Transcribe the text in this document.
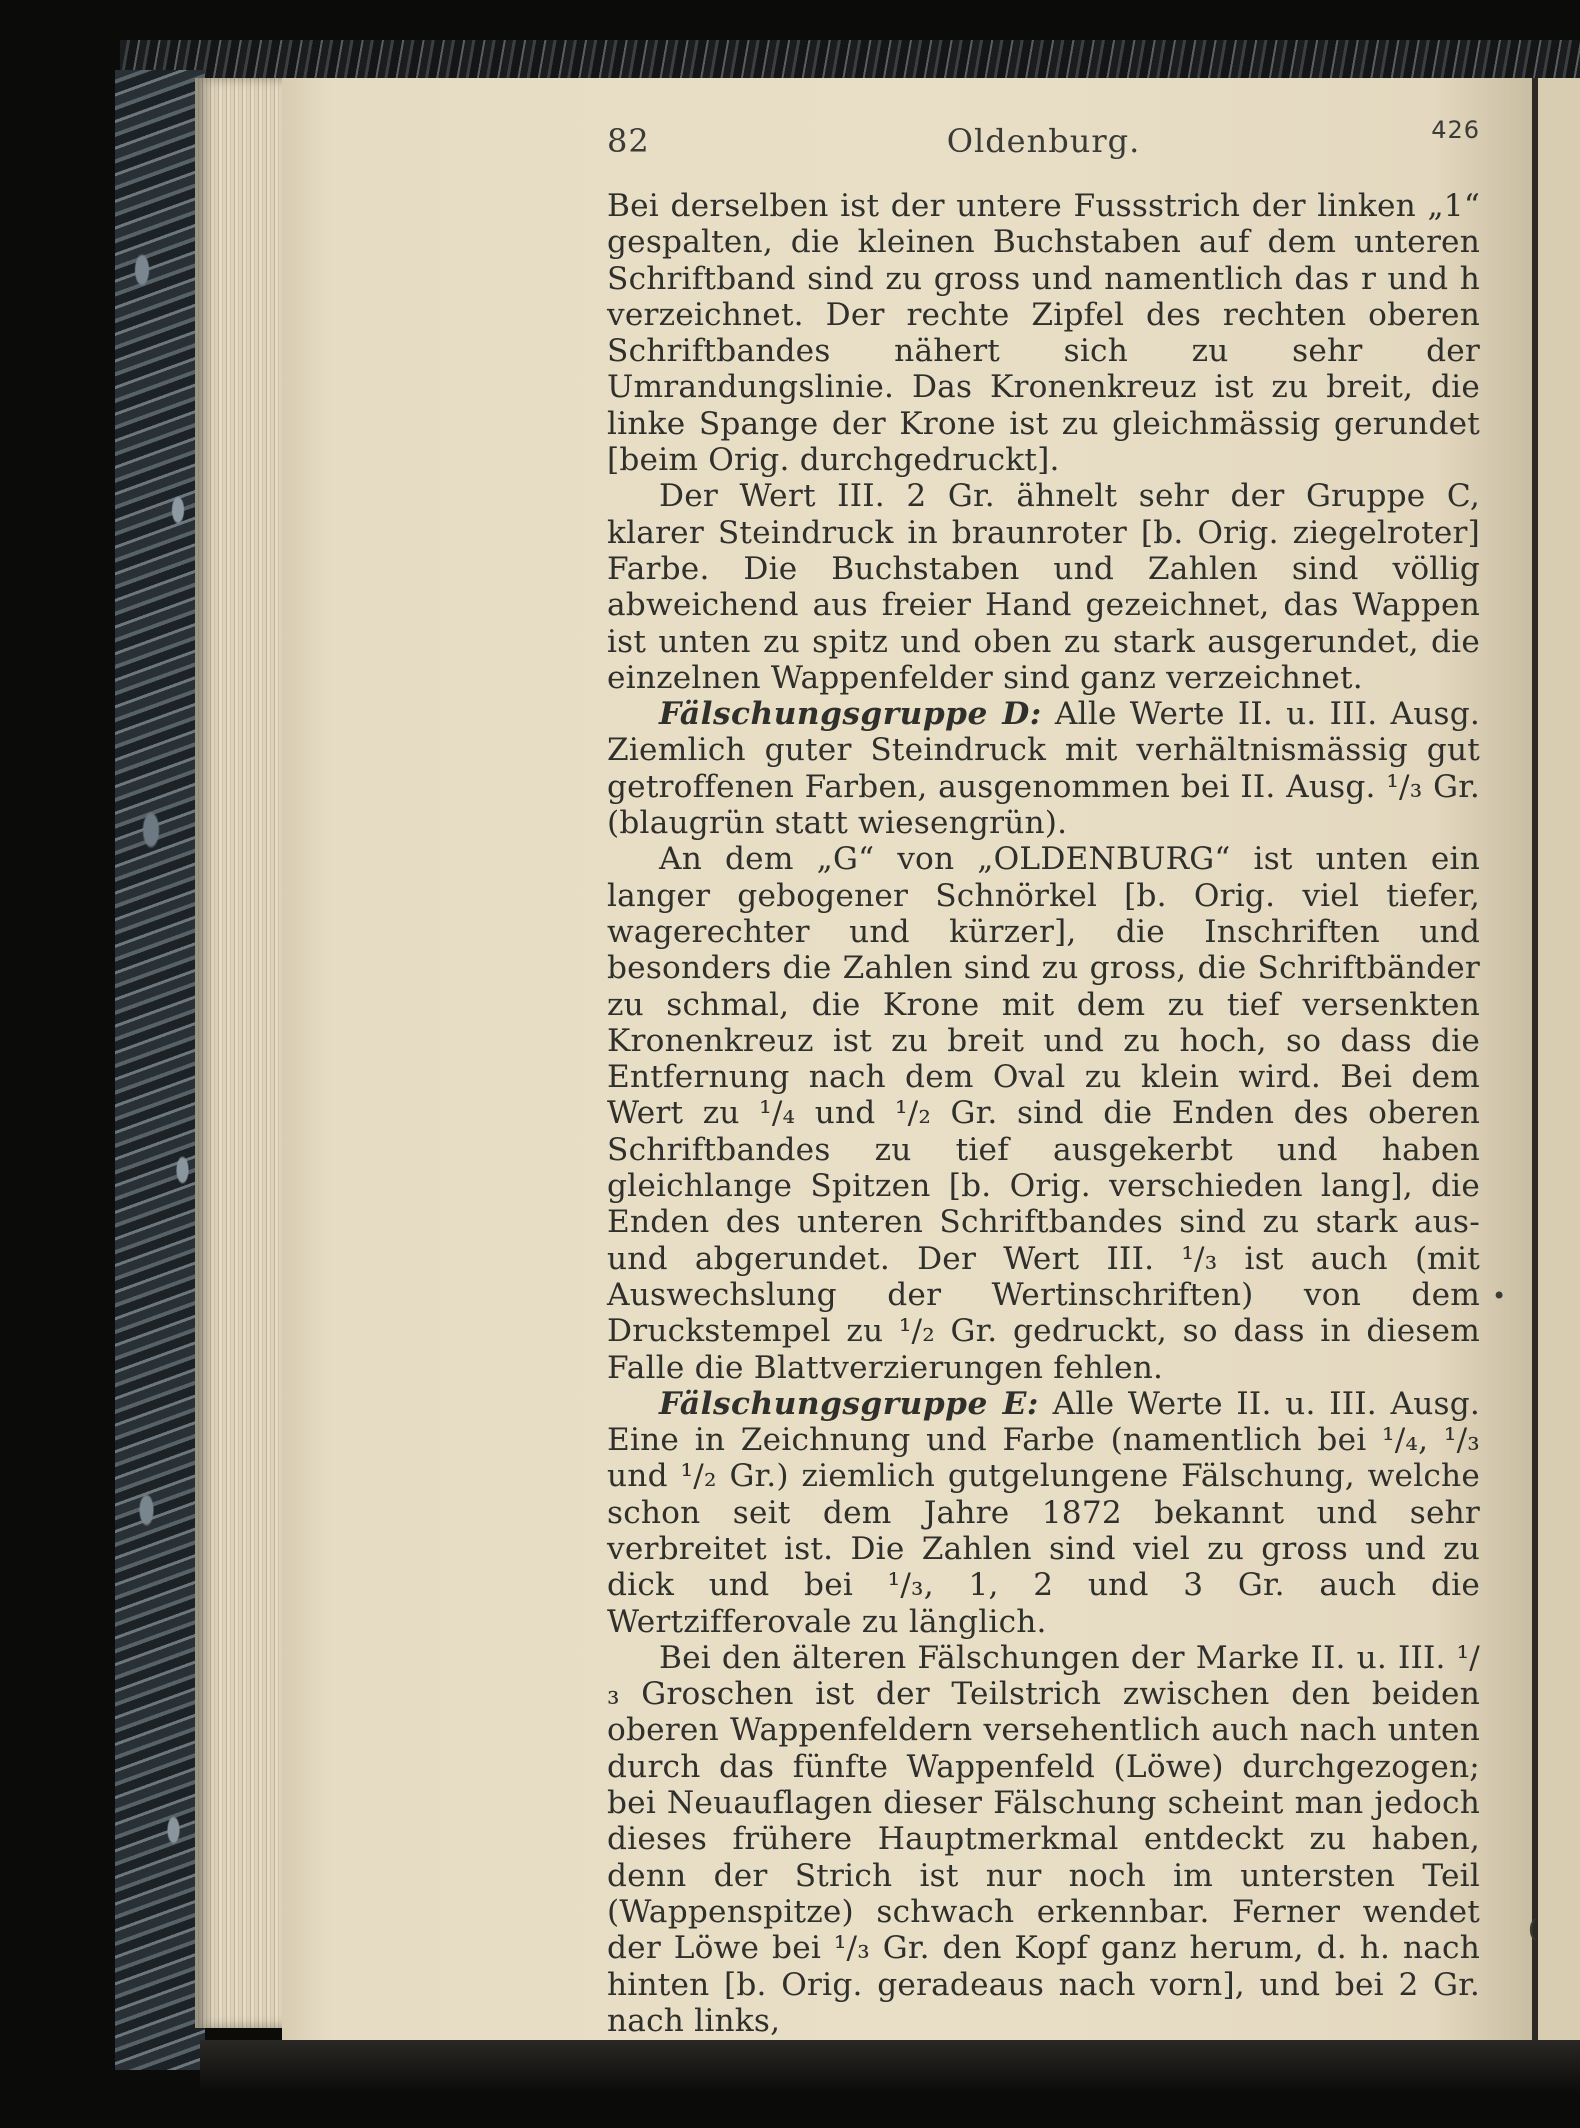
82	Oldenburg.	426

Bei derselben ist der untere Fussstrich der linken „1“ gespalten, die kleinen Buchstaben auf dem unteren Schriftband sind zu gross und namentlich das r und h verzeichnet. Der rechte Zipfel des rechten oberen Schriftbandes nähert sich zu sehr der Umrandungslinie. Das Kronenkreuz ist zu breit, die linke Spange der Krone ist zu gleichmässig gerundet [beim Orig. durchgedruckt].

Der Wert III. 2 Gr. ähnelt sehr der Gruppe C, klarer Steindruck in braunroter [b. Orig. ziegelroter] Farbe. Die Buchstaben und Zahlen sind völlig abweichend aus freier Hand gezeichnet, das Wappen ist unten zu spitz und oben zu stark ausgerundet, die einzelnen Wappenfelder sind ganz verzeichnet.

Fälschungsgruppe D: Alle Werte II. u. III. Ausg. Ziemlich guter Steindruck mit verhältnismässig gut getroffenen Farben, ausgenommen bei II. Ausg. ¹/₃ Gr. (blaugrün statt wiesengrün).

An dem „G“ von „OLDENBURG“ ist unten ein langer gebogener Schnörkel [b. Orig. viel tiefer, wagerechter und kürzer], die Inschriften und besonders die Zahlen sind zu gross, die Schriftbänder zu schmal, die Krone mit dem zu tief versenkten Kronenkreuz ist zu breit und zu hoch, so dass die Entfernung nach dem Oval zu klein wird. Bei dem Wert zu ¹/₄ und ¹/₂ Gr. sind die Enden des oberen Schriftbandes zu tief ausgekerbt und haben gleichlange Spitzen [b. Orig. verschieden lang], die Enden des unteren Schriftbandes sind zu stark aus- und abgerundet. Der Wert III. ¹/₃ ist auch (mit Auswechslung der Wertinschriften) von dem Druckstempel zu ¹/₂ Gr. gedruckt, so dass in diesem Falle die Blattverzierungen fehlen.

Fälschungsgruppe E: Alle Werte II. u. III. Ausg. Eine in Zeichnung und Farbe (namentlich bei ¹/₄, ¹/₃ und ¹/₂ Gr.) ziemlich gutgelungene Fälschung, welche schon seit dem Jahre 1872 bekannt und sehr verbreitet ist. Die Zahlen sind viel zu gross und zu dick und bei ¹/₃, 1, 2 und 3 Gr. auch die Wertzifferovale zu länglich.

Bei den älteren Fälschungen der Marke II. u. III. ¹/₃ Groschen ist der Teilstrich zwischen den beiden oberen Wappenfeldern versehentlich auch nach unten durch das fünfte Wappenfeld (Löwe) durchgezogen; bei Neuauflagen dieser Fälschung scheint man jedoch dieses frühere Hauptmerkmal entdeckt zu haben, denn der Strich ist nur noch im untersten Teil (Wappenspitze) schwach erkennbar. Ferner wendet der Löwe bei ¹/₃ Gr. den Kopf ganz herum, d. h. nach hinten [b. Orig. geradeaus nach vorn], und bei 2 Gr. nach links,

•
(
